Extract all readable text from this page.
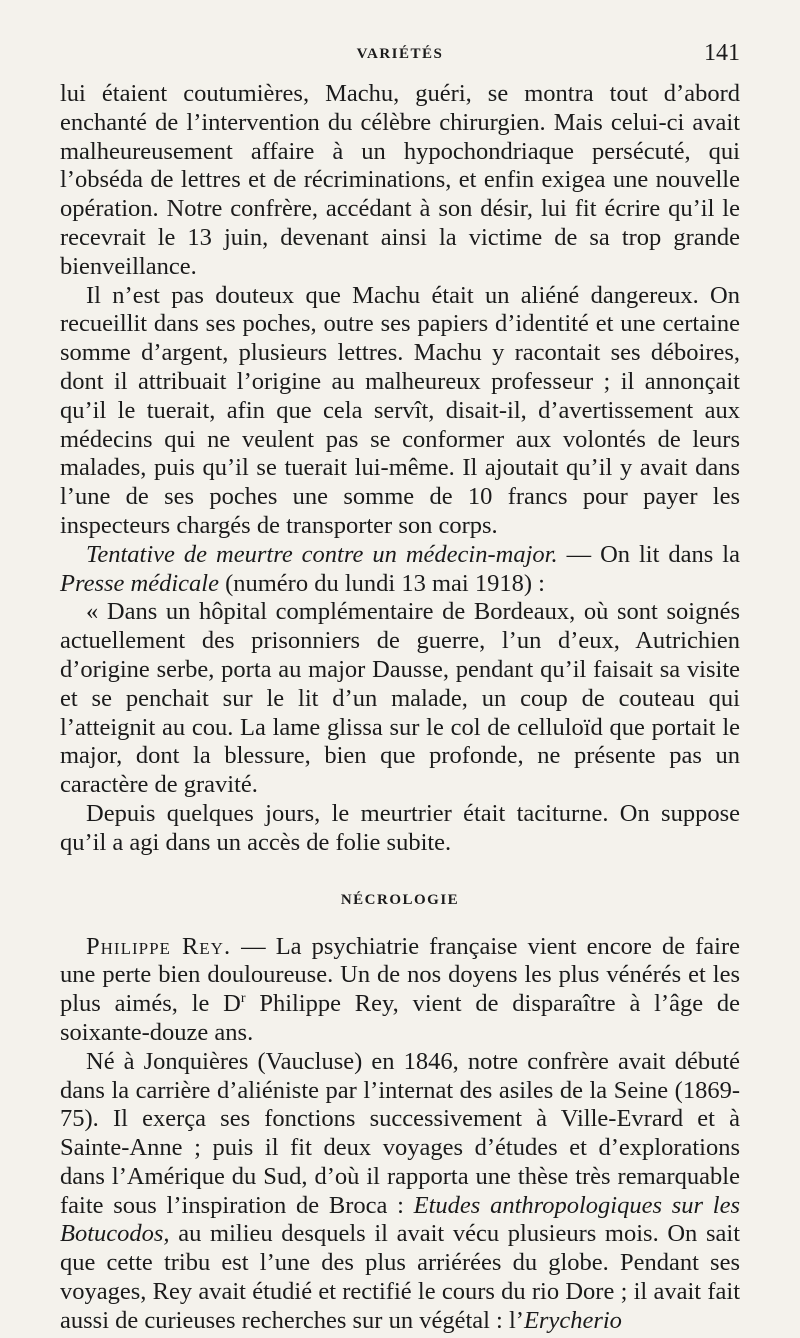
VARIÉTÉS	141

lui étaient coutumières, Machu, guéri, se montra tout d’abord enchanté de l’intervention du célèbre chirurgien. Mais celui-ci avait malheureusement affaire à un hypochondriaque persécuté, qui l’obséda de lettres et de récriminations, et enfin exigea une nouvelle opération. Notre confrère, accédant à son désir, lui fit écrire qu’il le recevrait le 13 juin, devenant ainsi la victime de sa trop grande bienveillance.

Il n’est pas douteux que Machu était un aliéné dangereux. On recueillit dans ses poches, outre ses papiers d’identité et une certaine somme d’argent, plusieurs lettres. Machu y racontait ses déboires, dont il attribuait l’origine au malheureux professeur ; il annonçait qu’il le tuerait, afin que cela servît, disait-il, d’avertissement aux médecins qui ne veulent pas se conformer aux volontés de leurs malades, puis qu’il se tuerait lui-même. Il ajoutait qu’il y avait dans l’une de ses poches une somme de 10 francs pour payer les inspecteurs chargés de transporter son corps.

Tentative de meurtre contre un médecin-major. — On lit dans la Presse médicale (numéro du lundi 13 mai 1918) :

« Dans un hôpital complémentaire de Bordeaux, où sont soignés actuellement des prisonniers de guerre, l’un d’eux, Autrichien d’origine serbe, porta au major Dausse, pendant qu’il faisait sa visite et se penchait sur le lit d’un malade, un coup de couteau qui l’atteignit au cou. La lame glissa sur le col de celluloïd que portait le major, dont la blessure, bien que profonde, ne présente pas un caractère de gravité.

Depuis quelques jours, le meurtrier était taciturne. On suppose qu’il a agi dans un accès de folie subite.

NÉCROLOGIE

Philippe Rey. — La psychiatrie française vient encore de faire une perte bien douloureuse. Un de nos doyens les plus vénérés et les plus aimés, le $D^r$ Philippe Rey, vient de disparaître à l’âge de soixante-douze ans.

Né à Jonquières (Vaucluse) en 1846, notre confrère avait débuté dans la carrière d’aliéniste par l’internat des asiles de la Seine (1869-75). Il exerça ses fonctions successivement à Ville-Evrard et à Sainte-Anne ; puis il fit deux voyages d’études et d’explorations dans l’Amérique du Sud, d’où il rapporta une thèse très remarquable faite sous l’inspiration de Broca : Etudes anthropologiques sur les Botucodos, au milieu desquels il avait vécu plusieurs mois. On sait que cette tribu est l’une des plus arriérées du globe. Pendant ses voyages, Rey avait étudié et rectifié le cours du rio Dore ; il avait fait aussi de curieuses recherches sur un végétal : l’Erycherio
